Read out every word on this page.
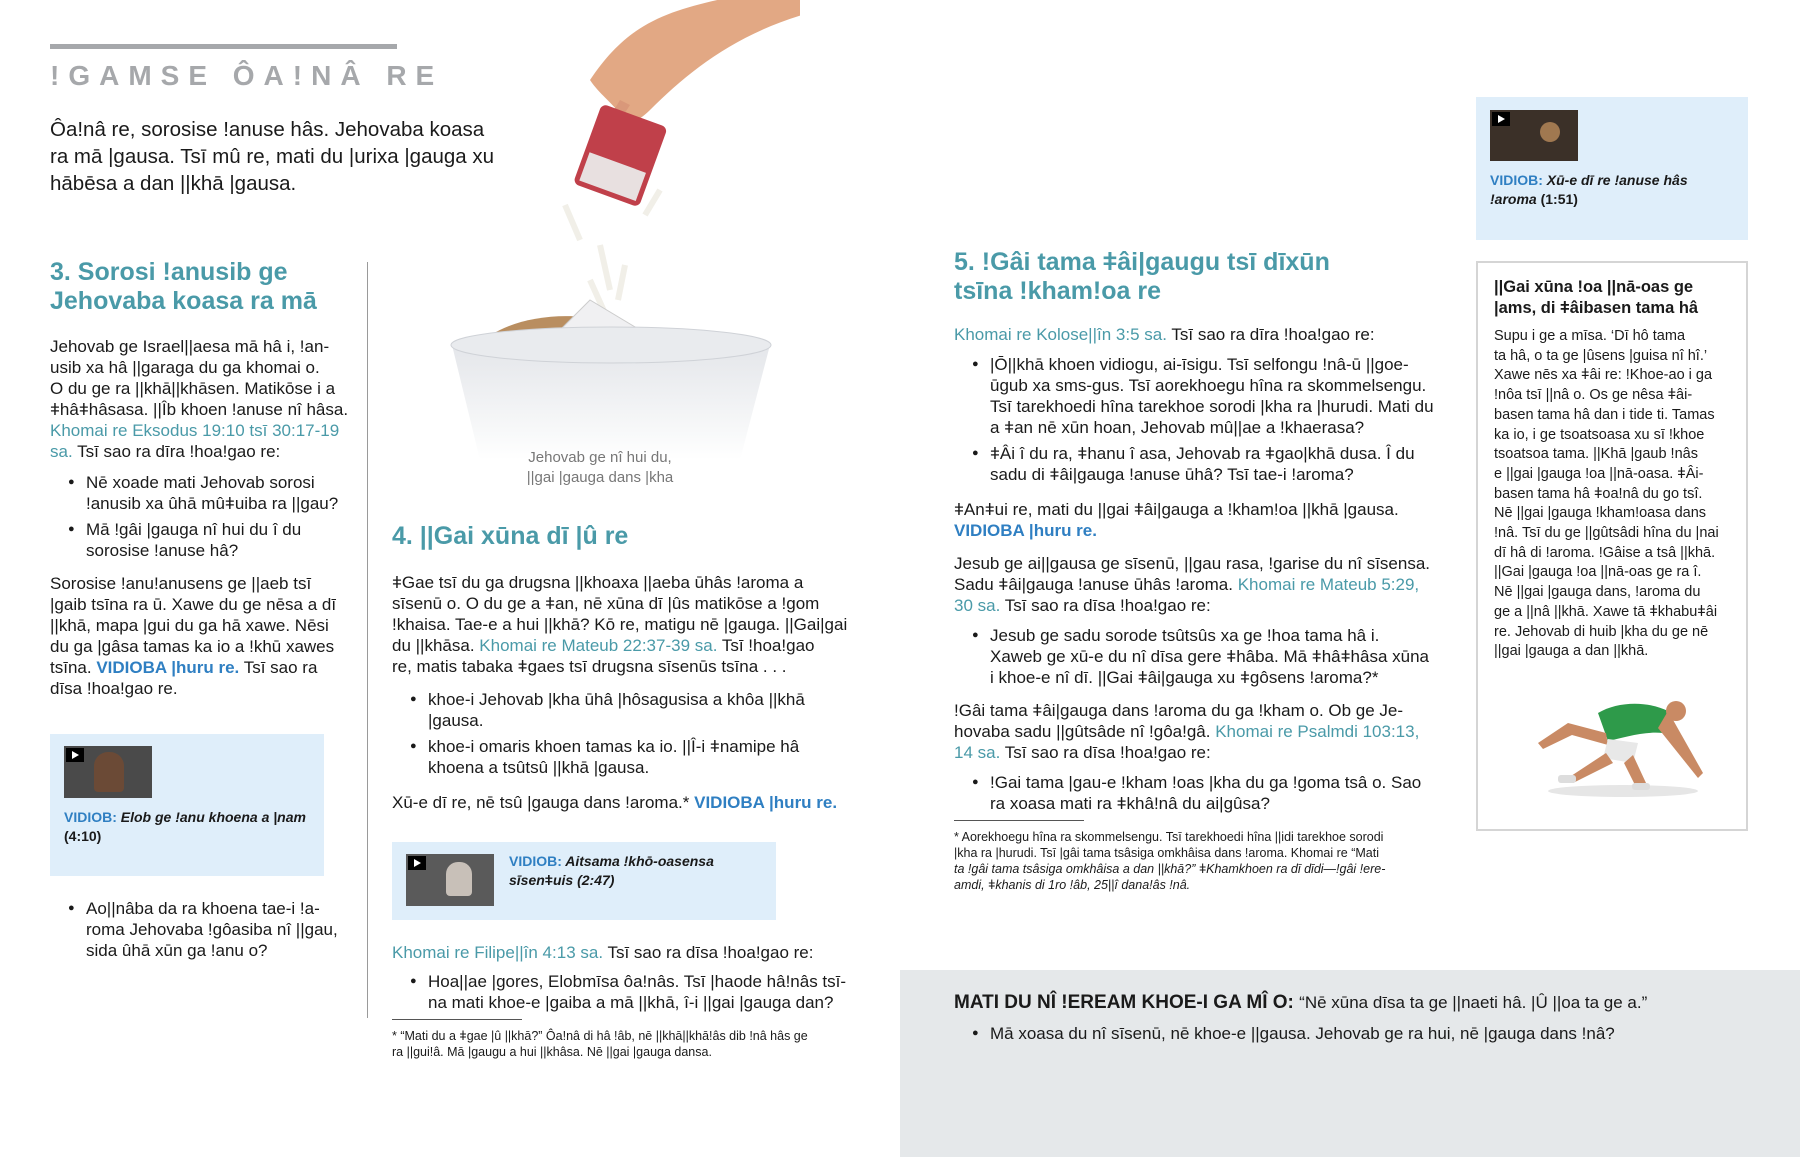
!GAMSE ÔA!NÂ RE
Ôa!nâ re, sorosise !anuse hâs. Jehovaba koasa ra mā |gausa. Tsī mû re, mati du |urixa |gauga xu hābēsa a dan ||khā |gausa.
Jehovab ge nî hui du,
||gai |gauga dans |kha
3. Sorosi !anusib ge
Jehovaba koasa ra mā

Jehovab ge Israel||aesa mā hâ i, !an-
usib xa hâ ||garaga du ga khomai o.
O du ge ra ||khā||khāsen. Matikōse i a
ǂhâǂhâsasa. ||Îb khoen !anuse nî hâsa.
Khomai re Eksodus 19:10 tsī 30:17-19
sa. Tsī sao ra dīra !hoa!gao re:

● Nē xoade mati Jehovab sorosi !anusib xa ûhā mûǂuiba ra ||gau?
● Mā !gâi |gauga nî hui du î du sorosise !anuse hâ?

Sorosise !anu!anusens ge ||aeb tsī
|gaib tsīna ra ū. Xawe du ge nēsa a dī
||khā, mapa |gui du ga hā xawe. Nēsi
du ga |gâsa tamas ka io a !khū xawes
tsīna. VIDIOBA |huru re. Tsī sao ra
dīsa !hoa!gao re.

VIDIOB: Elob ge !anu khoena a |nam
(4:10)
● Ao||nâba da ra khoena tae-i !a-roma Jehovaba !gôasiba nî ||gau, sida ûhā xūn ga !anu o?
4. ||Gai xūna dī |û re

ǂGae tsī du ga drugsna ||khoaxa ||aeba ūhâs !aroma a
sīsenū o. O du ge a ǂan, nē xūna dī |ûs matikōse a !gom
!khaisa. Tae-e a hui ||khā? Kō re, matigu nē |gauga. ||Gai|gai
du ||khāsa. Khomai re Mateub 22:37-39 sa. Tsī !hoa!gao
re, matis tabaka ǂgaes tsī drugsna sīsenūs tsīna . . .

● khoe-i Jehovab |kha ūhâ |hôsagusisa a khôa ||khā |gausa.
● khoe-i omaris khoen tamas ka io. ||Î-i ǂnamipe hâ khoena a tsûtsû ||khā |gausa.

Xū-e dī re, nē tsû |gauga dans !aroma.* VIDIOBA |huru re.

VIDIOB: Aitsama !khō-oasensa
sīsenǂuis (2:47)

Khomai re Filipe||în 4:13 sa. Tsī sao ra dīsa !hoa!gao re:

● Hoa||ae |gores, Elobmīsa ôa!nâs. Tsī |haode hâ!nâs tsī-na mati khoe-e |gaiba a mā ||khā, î-i ||gai |gauga dan?
* “Mati du a ǂgae |û ||khā?” Ôa!nâ di hâ !âb, nē ||khā||khā!âs dib !nâ hâs ge
ra ||gui!â. Mā |gaugu a hui ||khâsa. Nē ||gai |gauga dansa.
MATI DU NÎ !EREAM KHOE-I GA MÎ O: “Nē xūna dīsa ta ge ||naeti hâ. |Û ||oa ta ge a.”
● Mā xoasa du nî sīsenū, nē khoe-e ||gausa. Jehovab ge ra hui, nē |gauga dans !nâ?
5. !Gâi tama ǂâi|gaugu tsī dīxūn
tsīna !kham!oa re

Khomai re Kolose||în 3:5 sa. Tsī sao ra dīra !hoa!gao re:

● |Ō||khā khoen vidiogu, ai-īsigu. Tsī selfongu !nâ-ū ||goe-ūgub xa sms-gus. Tsī aorekhoegu hîna ra skommelsengu. Tsī tarekhoedi hîna tarekhoe sorodi |kha ra |hurudi. Mati du a ǂan nē xūn hoan, Jehovab mû||ae a !khaerasa?
● ǂÂi î du ra, ǂhanu î asa, Jehovab ra ǂgao|khā dusa. Î du sadu di ǂâi|gauga !anuse ūhâ? Tsī tae-i !aroma?

ǂAnǂui re, mati du ||gai ǂâi|gauga a !kham!oa ||khā |gausa.
VIDIOBA |huru re.

Jesub ge ai||gausa ge sīsenū, ||gau rasa, !garise du nî sīsensa.
Sadu ǂâi|gauga !anuse ūhâs !aroma. Khomai re Mateub 5:29,
30 sa. Tsī sao ra dīsa !hoa!gao re:

● Jesub ge sadu sorode tsûtsûs xa ge !hoa tama hâ i. Xaweb ge xū-e du nî dīsa gere ǂhâba. Mā ǂhâǂhâsa xūna i khoe-e nî dī. ||Gai ǂâi|gauga xu ǂgôsens !aroma?*

!Gâi tama ǂâi|gauga dans !aroma du ga !kham o. Ob ge Je-
hovaba sadu ||gûtsâde nî !gôa!gâ. Khomai re Psalmdi 103:13,
14 sa. Tsī sao ra dīsa !hoa!gao re:

● !Gai tama |gau-e !kham !oas |kha du ga !goma tsâ o. Sao ra xoasa mati ra ǂkhâ!nâ du ai|gûsa?
* Aorekhoegu hîna ra skommelsengu. Tsī tarekhoedi hîna ||idi tarekhoe sorodi
|kha ra |hurudi. Tsī |gâi tama tsâsiga omkhâisa dans !aroma. Khomai re “Mati
ta !gâi tama tsâsiga omkhâisa a dan ||khā?” ǂKhamkhoen ra dī dīdi—!gâi !ere-
amdi, ǂkhanis di 1ro !âb, 25||î dana!âs !nâ.
VIDIOB: Xū-e dī re !anuse hâs
!aroma (1:51)
||Gai xūna !oa ||nā-oas ge
|ams, di ǂâibasen tama hâ
Supu i ge a mīsa. ‘Dī hô tama
ta hâ, o ta ge |ûsens |guisa nî hî.’
Xawe nēs xa ǂâi re: !Khoe-ao i ga
!nôa tsī ||nâ o. Os ge nêsa ǂâi-
basen tama hâ dan i tide ti. Tamas
ka io, i ge tsoatsoasa xu sī !khoe
tsoatsoa tama. ||Khā |gaub !nâs
e ||gai |gauga !oa ||nā-oasa. ǂÂi-
basen tama hâ ǂoa!nâ du go tsî.
Nē ||gai |gauga !kham!oasa dans
!nâ. Tsī du ge ||gûtsâdi hîna du |nai
dī hâ di !aroma. !Gâise a tsâ ||khā.
||Gai |gauga !oa ||nā-oas ge ra î.
Nē ||gai |gauga dans, !aroma du
ge a ||nâ ||khā. Xawe tā ǂkhabuǂâi
re. Jehovab di huib |kha du ge nē
||gai |gauga a dan ||khā.
